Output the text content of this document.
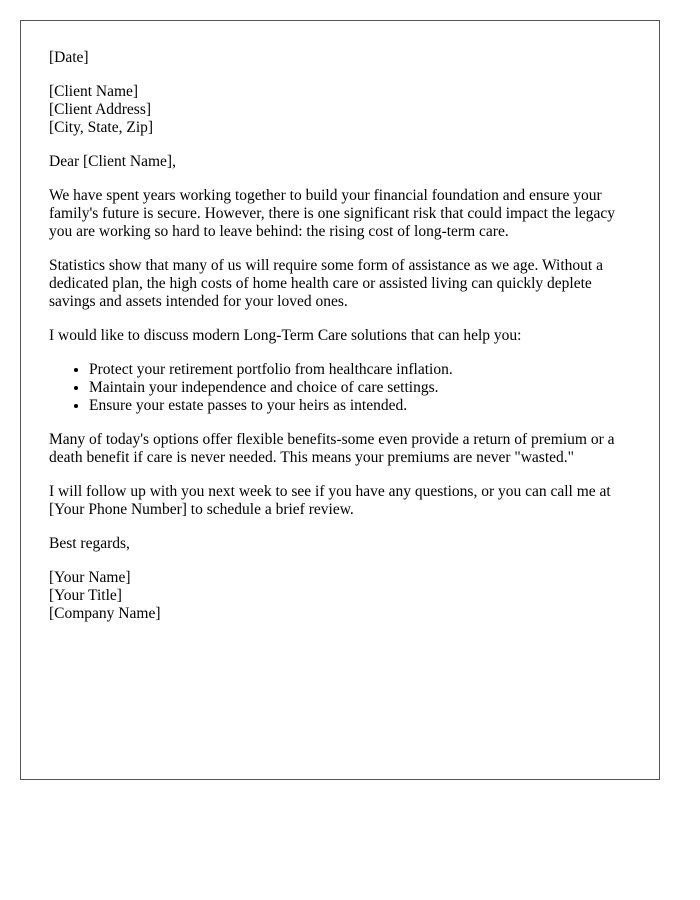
[Date]

[Client Name]
[Client Address]
[City, State, Zip]

Dear [Client Name],

We have spent years working together to build your financial foundation and ensure your family's future is secure. However, there is one significant risk that could impact the legacy you are working so hard to leave behind: the rising cost of long-term care.

Statistics show that many of us will require some form of assistance as we age. Without a dedicated plan, the high costs of home health care or assisted living can quickly deplete savings and assets intended for your loved ones.

I would like to discuss modern Long-Term Care solutions that can help you:

• Protect your retirement portfolio from healthcare inflation.
• Maintain your independence and choice of care settings.
• Ensure your estate passes to your heirs as intended.

Many of today's options offer flexible benefits-some even provide a return of premium or a death benefit if care is never needed. This means your premiums are never "wasted."

I will follow up with you next week to see if you have any questions, or you can call me at [Your Phone Number] to schedule a brief review.

Best regards,

[Your Name]
[Your Title]
[Company Name]
